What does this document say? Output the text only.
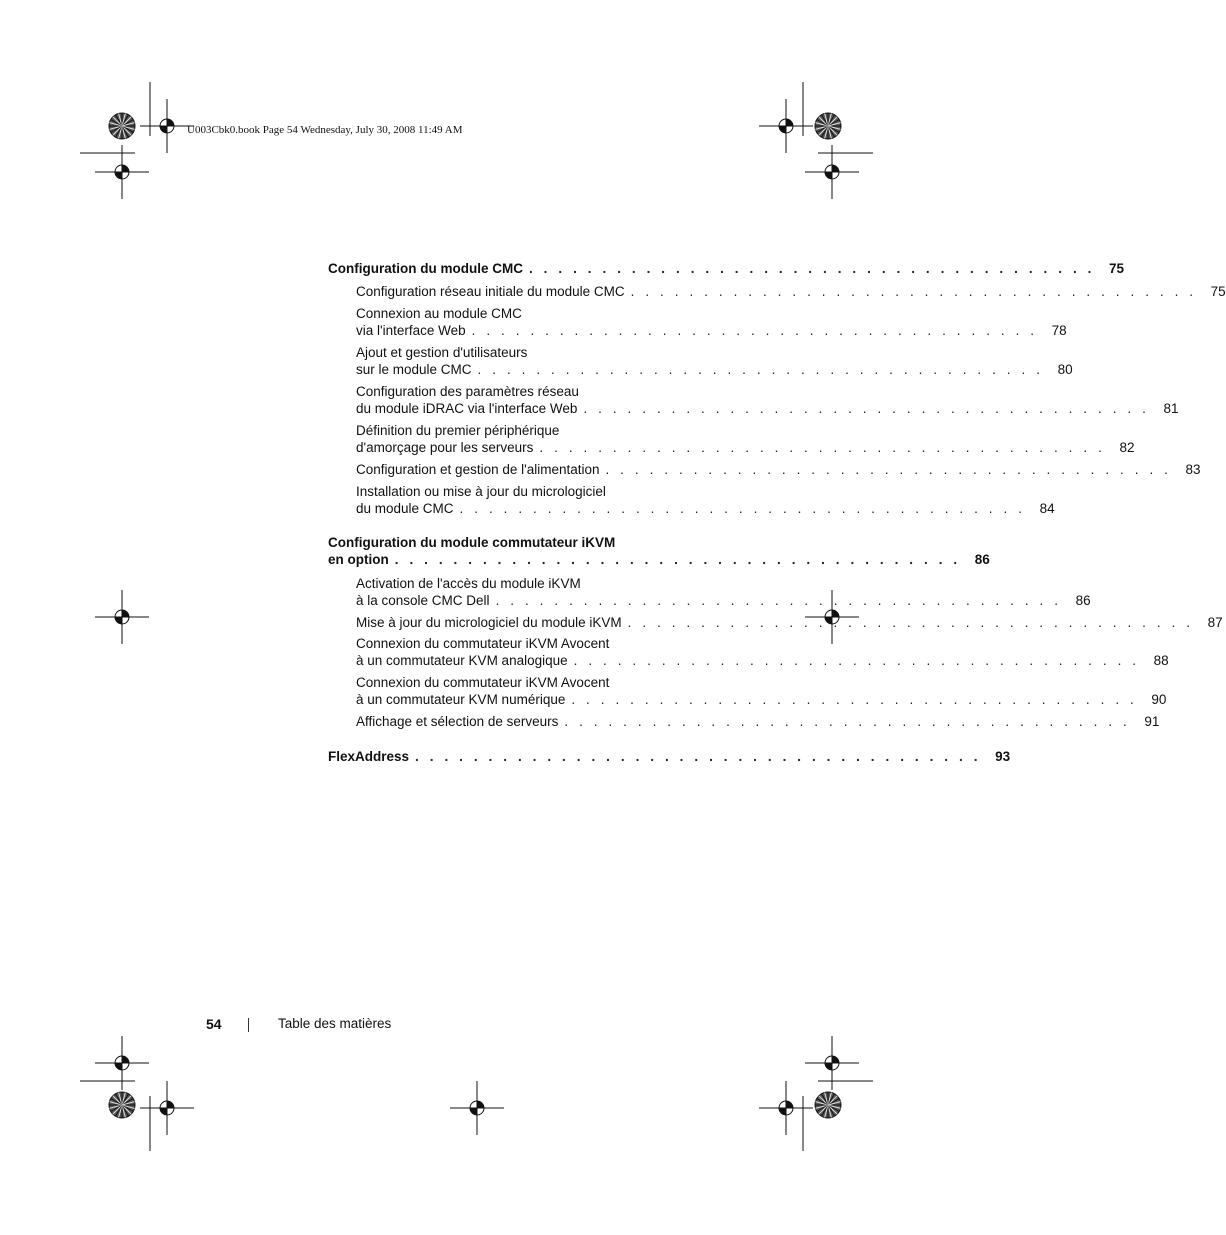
U003Cbk0.book Page 54 Wednesday, July 30, 2008 11:49 AM
Configuration du module CMC . . . . . . . . . . . . . . . . . . . . . . . . . . . . . . . . . . . . . . . 75
Configuration réseau initiale du module CMC . . . . . . . . . . . . . . . . . . . . . . . . . . . . . . . . . . . . . . . 75
Connexion au module CMC
via l'interface Web . . . . . . . . . . . . . . . . . . . . . . . . . . . . . . . . . . . . . . . 78
Ajout et gestion d'utilisateurs
sur le module CMC . . . . . . . . . . . . . . . . . . . . . . . . . . . . . . . . . . . . . . . 80
Configuration des paramètres réseau
du module iDRAC via l'interface Web . . . . . . . . . . . . . . . . . . . . . . . . . . . . . . . . . . . . . . . 81
Définition du premier périphérique
d'amorçage pour les serveurs . . . . . . . . . . . . . . . . . . . . . . . . . . . . . . . . . . . . . . . 82
Configuration et gestion de l'alimentation . . . . . . . . . . . . . . . . . . . . . . . . . . . . . . . . . . . . . . . 83
Installation ou mise à jour du micrologiciel
du module CMC . . . . . . . . . . . . . . . . . . . . . . . . . . . . . . . . . . . . . . . 84
Configuration du module commutateur iKVM
en option . . . . . . . . . . . . . . . . . . . . . . . . . . . . . . . . . . . . . . . 86
Activation de l'accès du module iKVM
à la console CMC Dell . . . . . . . . . . . . . . . . . . . . . . . . . . . . . . . . . . . . . . . 86
Mise à jour du micrologiciel du module iKVM . . . . . . . . . . . . . . . . . . . . . . . . . . . . . . . . . . . . . . . 87
Connexion du commutateur iKVM Avocent
à un commutateur KVM analogique . . . . . . . . . . . . . . . . . . . . . . . . . . . . . . . . . . . . . . . 88
Connexion du commutateur iKVM Avocent
à un commutateur KVM numérique . . . . . . . . . . . . . . . . . . . . . . . . . . . . . . . . . . . . . . . 90
Affichage et sélection de serveurs . . . . . . . . . . . . . . . . . . . . . . . . . . . . . . . . . . . . . . . 91
FlexAddress . . . . . . . . . . . . . . . . . . . . . . . . . . . . . . . . . . . . . . . 93
54	Table des matières
